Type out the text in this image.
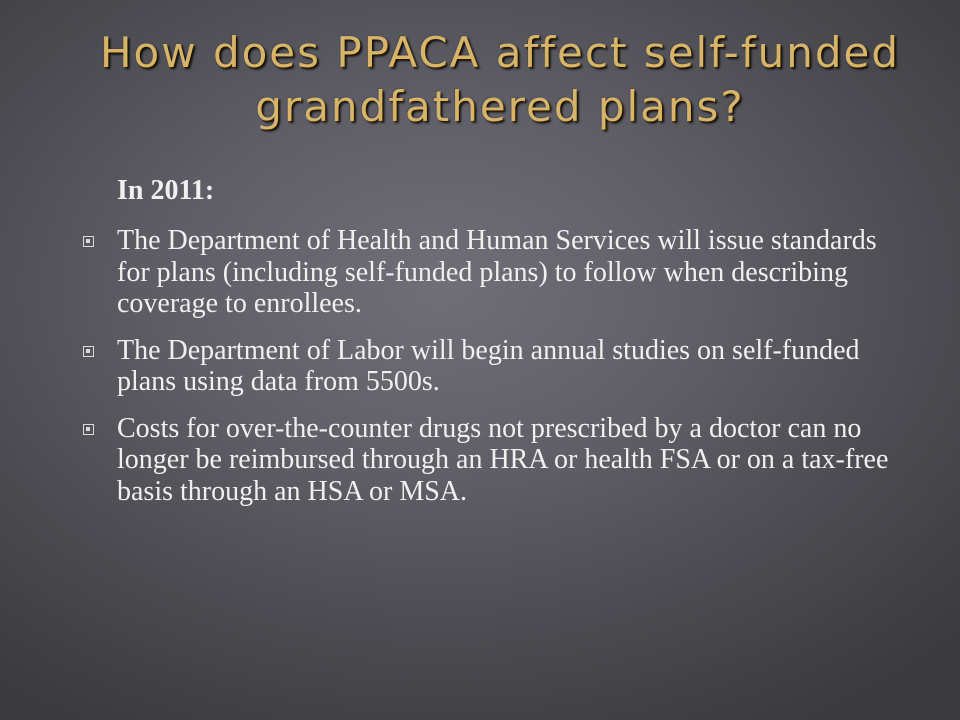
How does PPACA affect self-funded grandfathered plans?

In 2011:

The Department of Health and Human Services will issue standards for plans (including self-funded plans) to follow when describing coverage to enrollees.
The Department of Labor will begin annual studies on self-funded plans using data from 5500s.
Costs for over-the-counter drugs not prescribed by a doctor can no longer be reimbursed through an HRA or health FSA or on a tax-free basis through an HSA or MSA.
